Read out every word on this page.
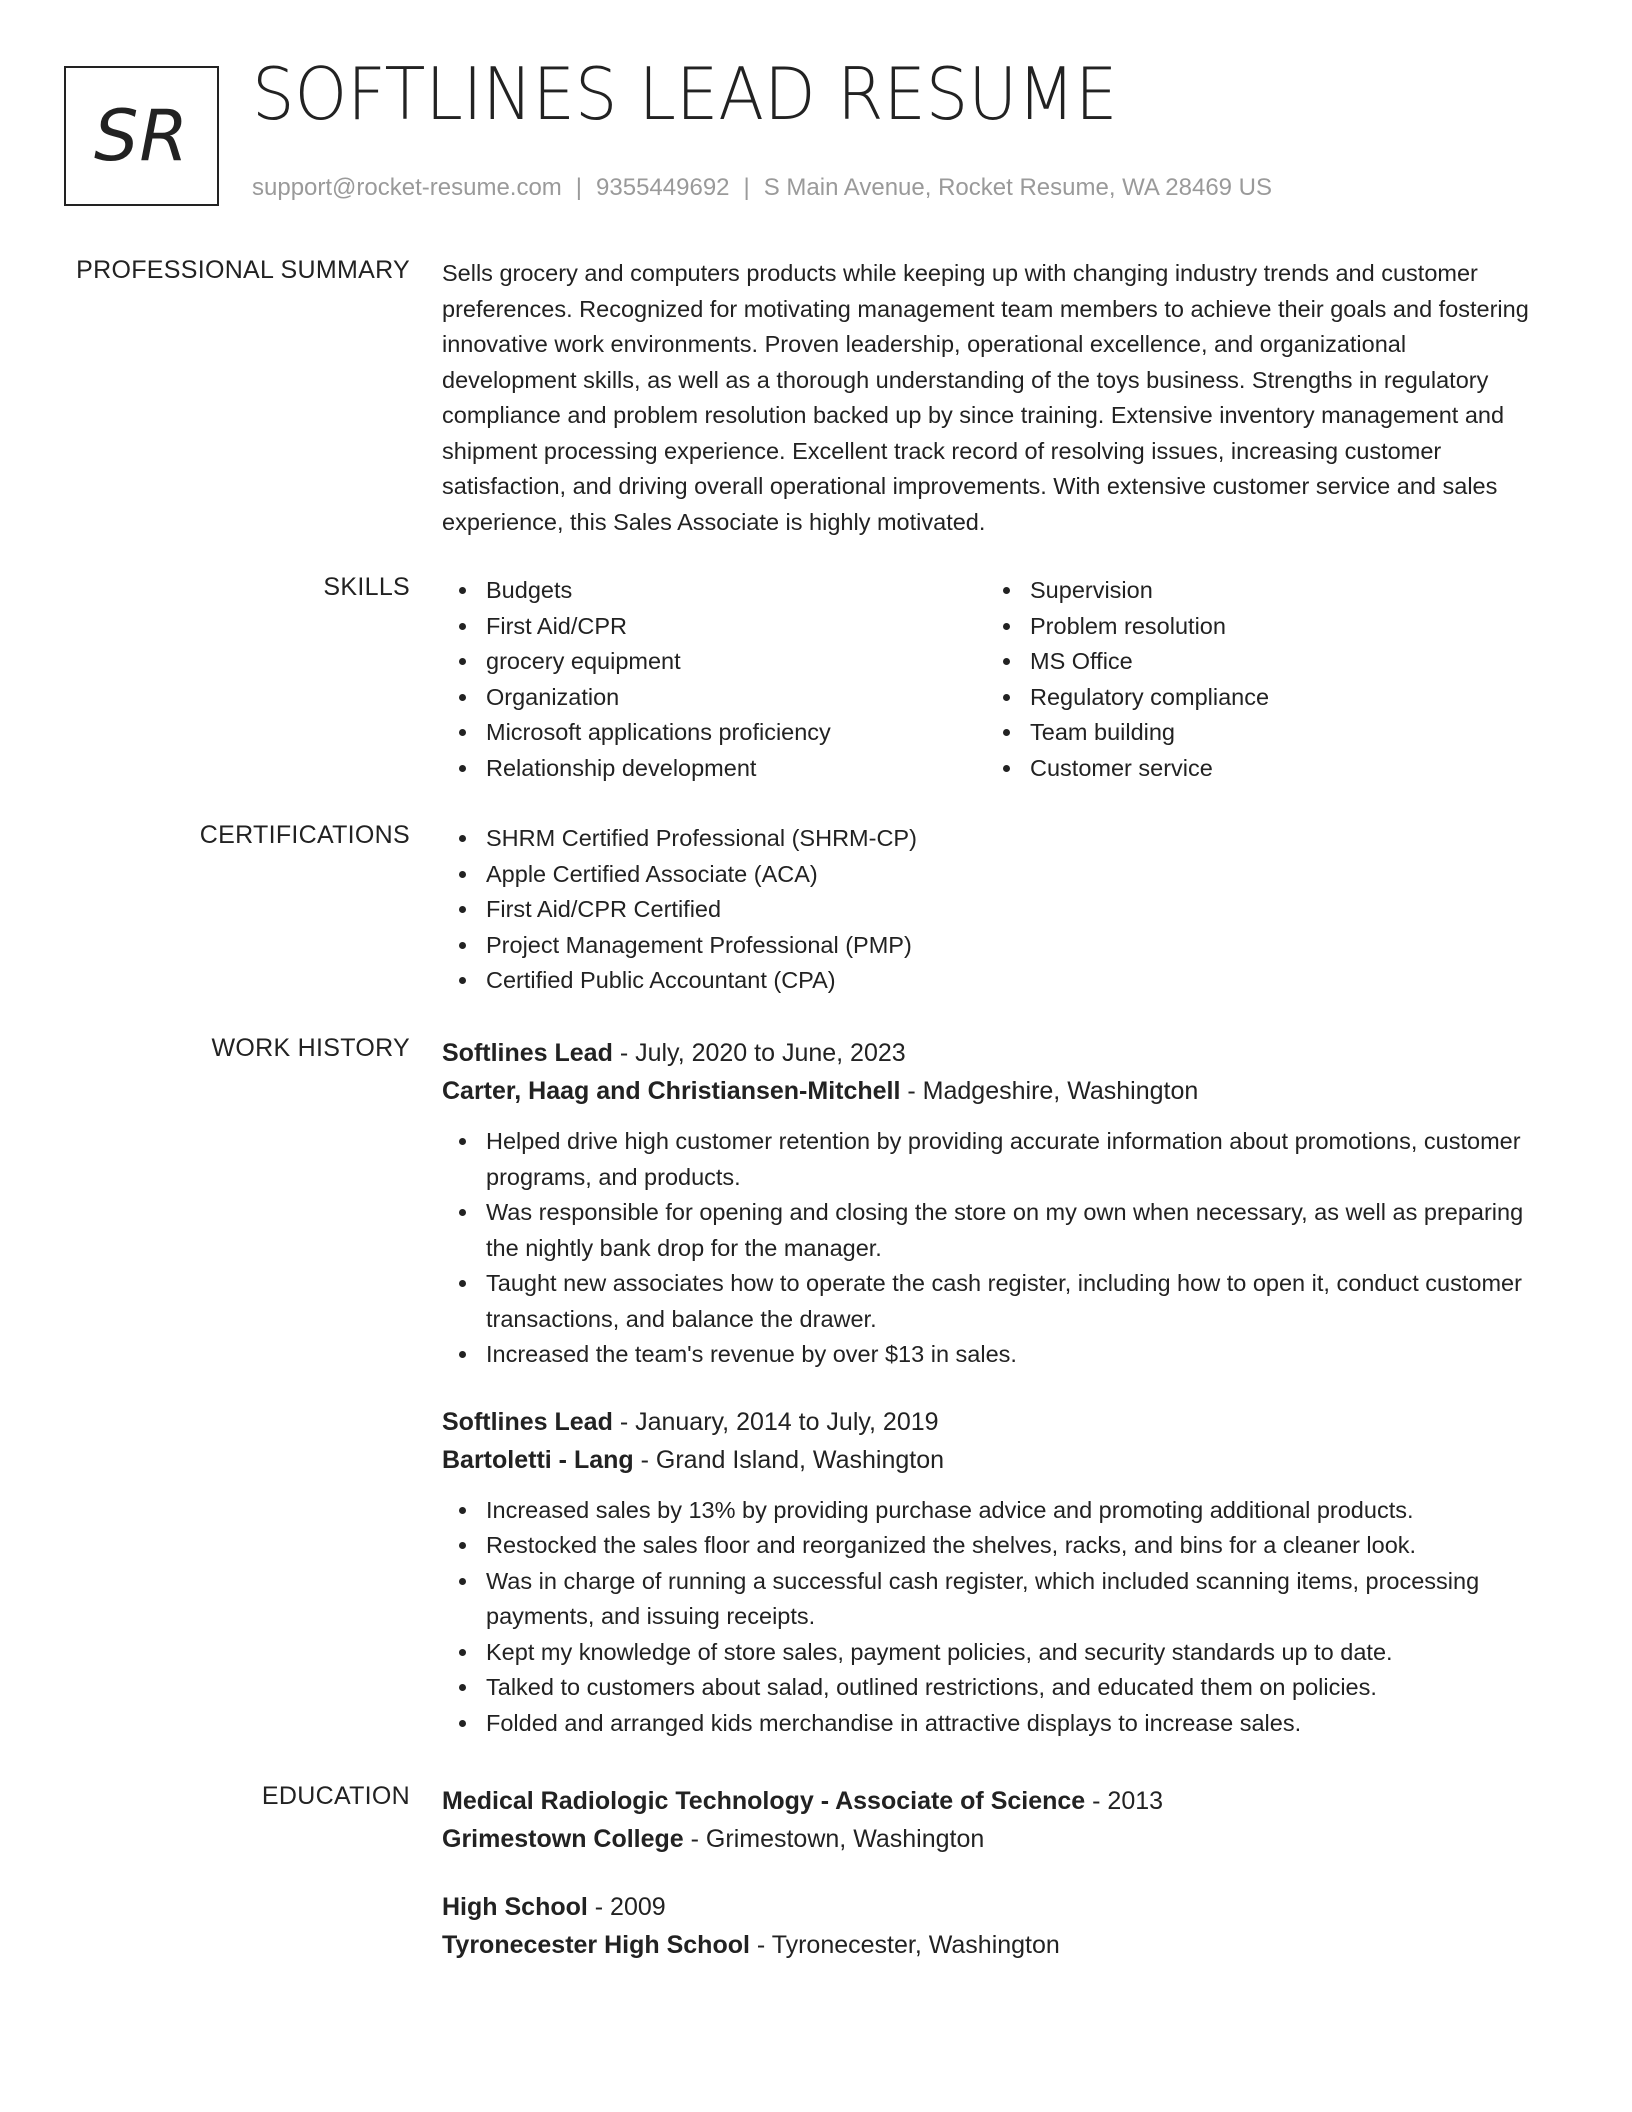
SR SOFTLINES LEAD RESUME
support@rocket-resume.com | 9355449692 | S Main Avenue, Rocket Resume, WA 28469 US
PROFESSIONAL SUMMARY Sells grocery and computers products while keeping up with changing industry trends and customer preferences. Recognized for motivating management team members to achieve their goals and fostering innovative work environments. Proven leadership, operational excellence, and organizational development skills, as well as a thorough understanding of the toys business. Strengths in regulatory compliance and problem resolution backed up by since training. Extensive inventory management and shipment processing experience. Excellent track record of resolving issues, increasing customer satisfaction, and driving overall operational improvements. With extensive customer service and sales experience, this Sales Associate is highly motivated.

SKILLS	Budgets
First Aid/CPR
grocery equipment
Organization
Microsoft applications proficiency
Relationship development
Supervision
Problem resolution
MS Office
Regulatory compliance
Team building
Customer service
CERTIFICATIONS	SHRM Certified Professional (SHRM-CP)
Apple Certified Associate (ACA)
First Aid/CPR Certified
Project Management Professional (PMP)
Certified Public Accountant (CPA)
WORK HISTORY Softlines Lead - July, 2020 to June, 2023
Carter, Haag and Christiansen-Mitchell - Madgeshire, Washington
Helped drive high customer retention by providing accurate information about promotions, customer programs, and products.
Was responsible for opening and closing the store on my own when necessary, as well as preparing the nightly bank drop for the manager.
Taught new associates how to operate the cash register, including how to open it, conduct customer transactions, and balance the drawer.
Increased the team's revenue by over $13 in sales.
Softlines Lead - January, 2014 to July, 2019
Bartoletti - Lang - Grand Island, Washington
Increased sales by 13% by providing purchase advice and promoting additional products.
Restocked the sales floor and reorganized the shelves, racks, and bins for a cleaner look.
Was in charge of running a successful cash register, which included scanning items, processing payments, and issuing receipts.
Kept my knowledge of store sales, payment policies, and security standards up to date.
Talked to customers about salad, outlined restrictions, and educated them on policies.
Folded and arranged kids merchandise in attractive displays to increase sales.
EDUCATION Medical Radiologic Technology - Associate of Science - 2013
Grimestown College - Grimestown, Washington
High School - 2009
Tyronecester High School - Tyronecester, Washington
